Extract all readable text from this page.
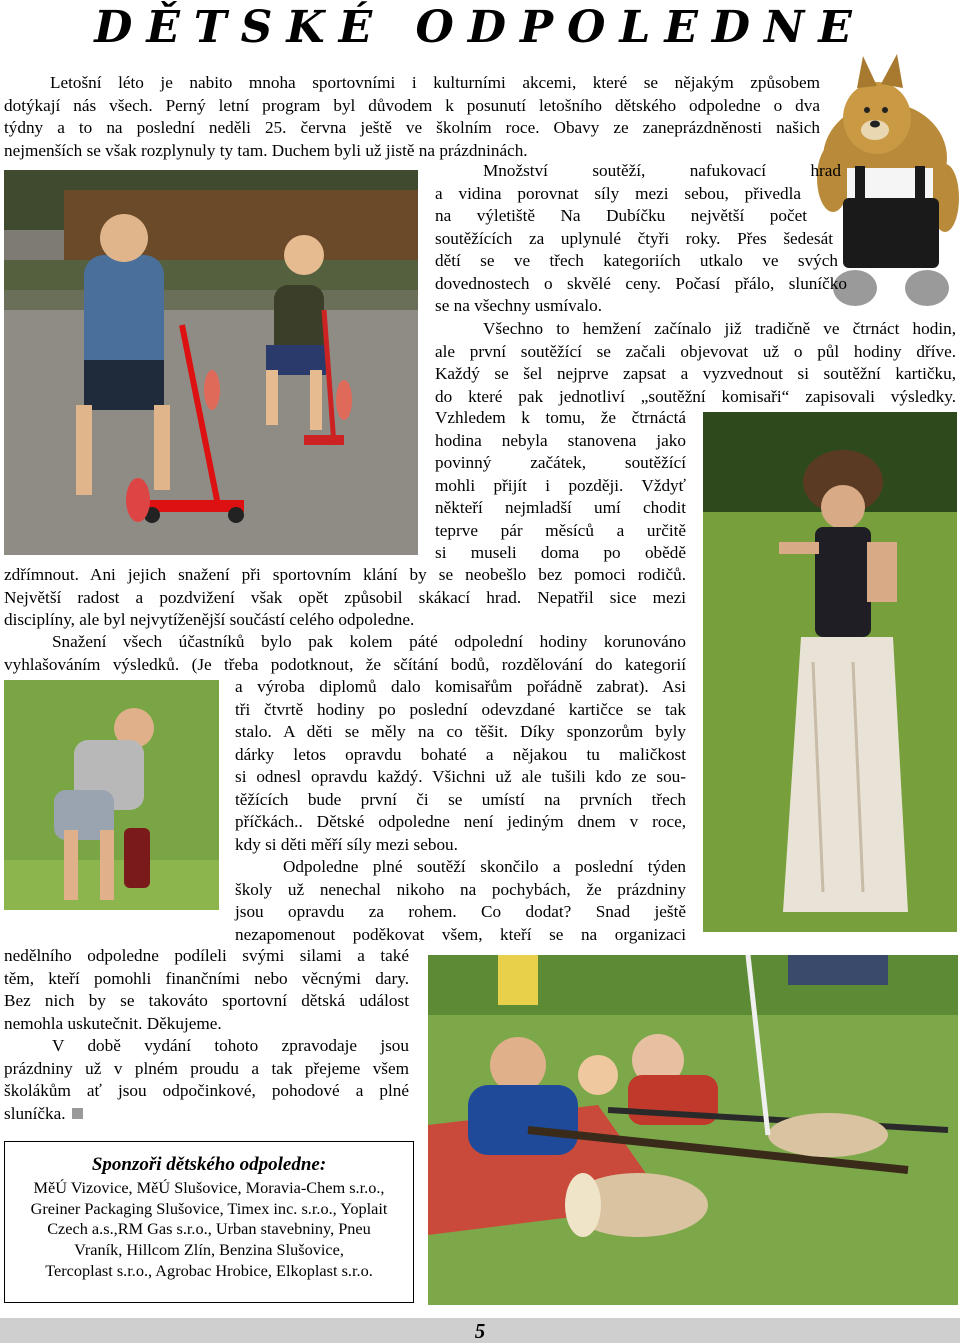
DĚTSKÉ ODPOLEDNE
Letošní léto je nabito mnoha sportovními i kulturními akcemi, které se nějakým způsobem
dotýkají nás všech. Perný letní program byl důvodem k posunutí letošního dětského odpoledne o dva
týdny a to na poslední neděli 25. června ještě ve školním roce. Obavy ze zaneprázdněnosti našich
nejmenších se však rozplynuly ty tam. Duchem byli už jistě na prázdninách.
Množství soutěží, nafukovací hrad
a vidina porovnat síly mezi sebou, přivedla
na výletiště Na Dubíčku největší počet
soutěžících za uplynulé čtyři roky. Přes šedesát
dětí se ve třech kategoriích utkalo ve svých
dovednostech o skvělé ceny. Počasí přálo, sluníčko
se na všechny usmívalo.
Všechno to hemžení začínalo již tradičně ve čtrnáct hodin,
ale první soutěžící se začali objevovat už o půl hodiny dříve.
Každý se šel nejprve zapsat a vyzvednout si soutěžní kartičku,
do které pak jednotliví „soutěžní komisaři“ zapisovali výsledky.
Vzhledem k tomu, že čtrnáctá
hodina nebyla stanovena jako
povinný začátek, soutěžící
mohli přijít i později. Vždyť
někteří nejmladší umí chodit
teprve pár měsíců a určitě
si museli doma po obědě
zdřímnout. Ani jejich snažení při sportovním klání by se neobešlo bez pomoci rodičů.
Největší radost a pozdvižení však opět způsobil skákací hrad. Nepatřil sice mezi
disciplíny, ale byl nejvytíženější součástí celého odpoledne.
Snažení všech účastníků bylo pak kolem páté odpolední hodiny korunováno
vyhlašováním výsledků. (Je třeba podotknout, že sčítání bodů, rozdělování do kategorií
a výroba diplomů dalo komisařům pořádně zabrat). Asi
tři čtvrtě hodiny po poslední odevzdané kartičce se tak
stalo. A děti se měly na co těšit. Díky sponzorům byly
dárky letos opravdu bohaté a nějakou tu maličkost
si odnesl opravdu každý. Všichni už ale tušili kdo ze sou-
těžících bude první či se umístí na prvních třech
příčkách.. Dětské odpoledne není jediným dnem v roce,
kdy si děti měří síly mezi sebou.
Odpoledne plné soutěží skončilo a poslední týden
školy už nenechal nikoho na pochybách, že prázdniny
jsou opravdu za rohem. Co dodat? Snad ještě
nezapomenout poděkovat všem, kteří se na organizaci
nedělního odpoledne podíleli svými silami a také
těm, kteří pomohli finančními nebo věcnými dary.
Bez nich by se takováto sportovní dětská událost
nemohla uskutečnit. Děkujeme.
V době vydání tohoto zpravodaje jsou
prázdniny už v plném proudu a tak přejeme všem
školákům ať jsou odpočinkové, pohodové a plné
sluníčka.
Sponzoři dětského odpoledne:
MěÚ Vizovice, MěÚ Slušovice, Moravia-Chem s.r.o.,
Greiner Packaging Slušovice, Timex inc. s.r.o., Yoplait
Czech a.s.,RM Gas s.r.o., Urban stavebniny, Pneu
Vraník, Hillcom Zlín, Benzina Slušovice,
Tercoplast s.r.o., Agrobac Hrobice, Elkoplast s.r.o.
5
